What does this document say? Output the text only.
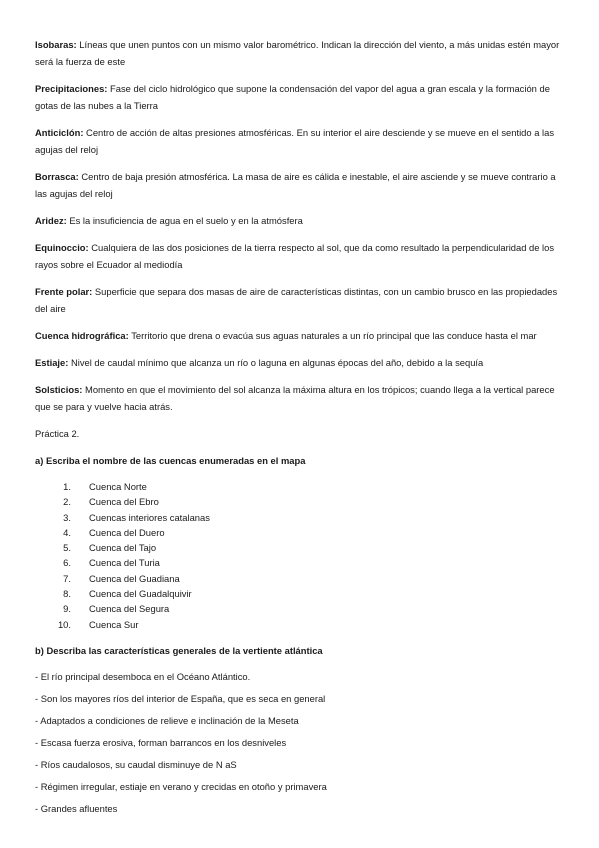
Isobaras: Líneas que unen puntos con un mismo valor barométrico. Indican la dirección del viento, a más unidas estén mayor será la fuerza de este
Precipitaciones: Fase del ciclo hidrológico que supone la condensación del vapor del agua a gran escala y la formación de gotas de las nubes a la Tierra
Anticiclón: Centro de acción de altas presiones atmosféricas. En su interior el aire desciende y se mueve en el sentido a las agujas del reloj
Borrasca: Centro de baja presión atmosférica. La masa de aire es cálida e inestable, el aire asciende y se mueve contrario a las agujas del reloj
Aridez: Es la insuficiencia de agua en el suelo y en la atmósfera
Equinoccio: Cualquiera de las dos posiciones de la tierra respecto al sol, que da como resultado la perpendicularidad de los rayos sobre el Ecuador al mediodía
Frente polar: Superficie que separa dos masas de aire de características distintas, con un cambio brusco en las propiedades del aire
Cuenca hidrográfica: Territorio que drena o evacúa sus aguas naturales a un río principal que las conduce hasta el mar
Estiaje: Nivel de caudal mínimo que alcanza un río o laguna en algunas épocas del año, debido a la sequía
Solsticios: Momento en que el movimiento del sol alcanza la máxima altura en los trópicos; cuando llega a la vertical parece que se para y vuelve hacia atrás.
Práctica 2.
a) Escriba el nombre de las cuencas enumeradas en el mapa
1.	Cuenca Norte
2.	Cuenca del Ebro
3.	Cuencas interiores catalanas
4.	Cuenca del Duero
5.	Cuenca del Tajo
6.	Cuenca del Turia
7.	Cuenca del Guadiana
8.	Cuenca del Guadalquivir
9.	Cuenca del Segura
10.	Cuenca Sur
b) Describa las características generales de la vertiente atlántica
- El río principal desemboca en el Océano Atlántico.
- Son los mayores ríos del interior de España, que es seca en general
- Adaptados a condiciones de relieve e inclinación de la Meseta
- Escasa fuerza erosiva, forman barrancos en los desniveles
- Ríos caudalosos, su caudal disminuye de N aS
- Régimen irregular, estiaje en verano y crecidas en otoño y primavera
- Grandes afluentes
